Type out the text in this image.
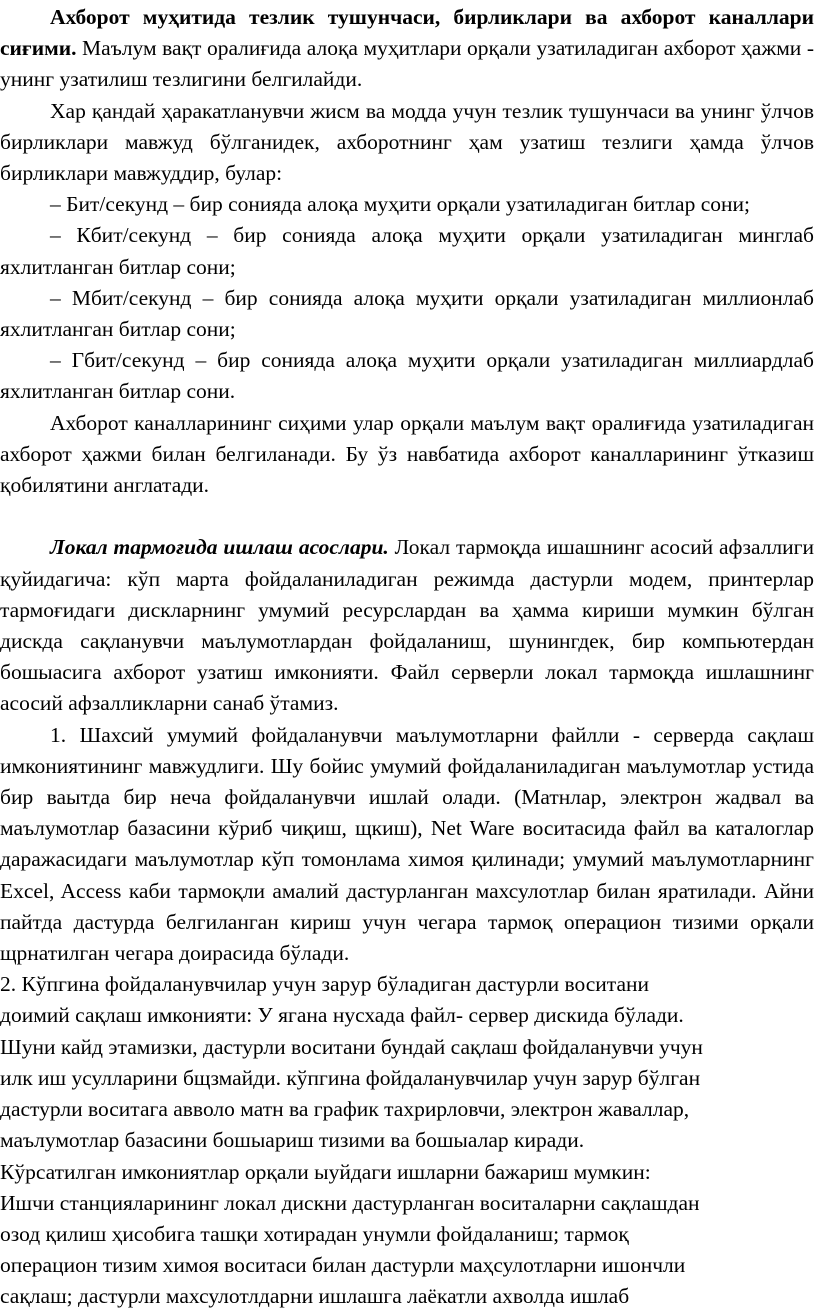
Ахборот муҳитида тезлик тушунчаси, бирликлари ва ахборот каналлари сиғими. Маълум вақт оралиғида алоқа муҳитлари орқали узатиладиган ахборот ҳажми - унинг узатилиш тезлигини белгилайди.

Хар қандай ҳаракатланувчи жисм ва модда учун тезлик тушунчаси ва унинг ўлчов бирликлари мавжуд бўлганидек, ахборотнинг ҳам узатиш тезлиги ҳамда ўлчов бирликлари мавжуддир, булар:

– Бит/секунд – бир сонияда алоқа муҳити орқали узатиладиган битлар сони;

– Кбит/секунд – бир сонияда алоқа муҳити орқали узатиладиган минглаб яхлитланган битлар сони;

– Мбит/секунд – бир сонияда алоқа муҳити орқали узатиладиган миллионлаб яхлитланган битлар сони;

– Гбит/секунд – бир сонияда алоқа муҳити орқали узатиладиган миллиардлаб яхлитланган битлар сони.

Ахборот каналларининг сиҳими улар орқали маълум вақт оралиғида узатиладиган ахборот ҳажми билан белгиланади. Бу ўз навбатида ахборот каналларининг ўтказиш қобилятини англатади.

Локал тармоғида ишлаш асослари. Локал тармоқда ишашнинг асосий афзаллиги қуйидагича: кўп марта фойдаланиладиган режимда дастурли модем, принтерлар тармоғидаги дискларнинг умумий ресурслардан ва ҳамма кириши мумкин бўлган дискда сақланувчи маълумотлардан фойдаланиш, шунингдек, бир компьютердан бошыасига ахборот узатиш имконияти. Файл серверли локал тармоқда ишлашнинг асосий афзалликларни санаб ўтамиз.

1. Шахсий умумий фойдаланувчи маълумотларни файлли - серверда сақлаш имкониятининг мавжудлиги. Шу бойис умумий фойдаланиладиган маълумотлар устида бир ваытда бир неча фойдаланувчи ишлай олади. (Матнлар, электрон жадвал ва маълумотлар базасини кўриб чиқиш, щкиш), Net Ware воситасида файл ва каталоглар даражасидаги маълумотлар кўп томонлама химоя қилинади; умумий маълумотларнинг Excel, Access каби тармоқли амалий дастурланган махсулотлар билан яратилади. Айни пайтда дастурда белгиланган кириш учун чегара тармоқ операцион тизими орқали щрнатилган чегара доирасида бўлади.

2. Кўпгина фойдаланувчилар учун зарур бўладиган дастурли воситани

доимий сақлаш имконияти: У ягана нусхада файл- сервер дискида бўлади.

Шуни кайд этамизки, дастурли воситани бундай сақлаш фойдаланувчи учун

илк иш усулларини бщзмайди. кўпгина фойдаланувчилар учун зарур бўлган

дастурли воситага авволо матн ва график тахрирловчи, электрон жаваллар,

маълумотлар базасини бошыариш тизими ва бошыалар киради.

Кўрсатилган имкониятлар орқали ыуйдаги ишларни бажариш мумкин:

Ишчи станцияларининг локал дискни дастурланган воситаларни сақлашдан

озод қилиш ҳисобига ташқи хотирадан унумли фойдаланиш; тармоқ

операцион тизим химоя воситаси билан дастурли маҳсулотларни ишончли

сақлаш; дастурли махсулотлдарни ишлашга лаёкатли ахволда ишлаб
